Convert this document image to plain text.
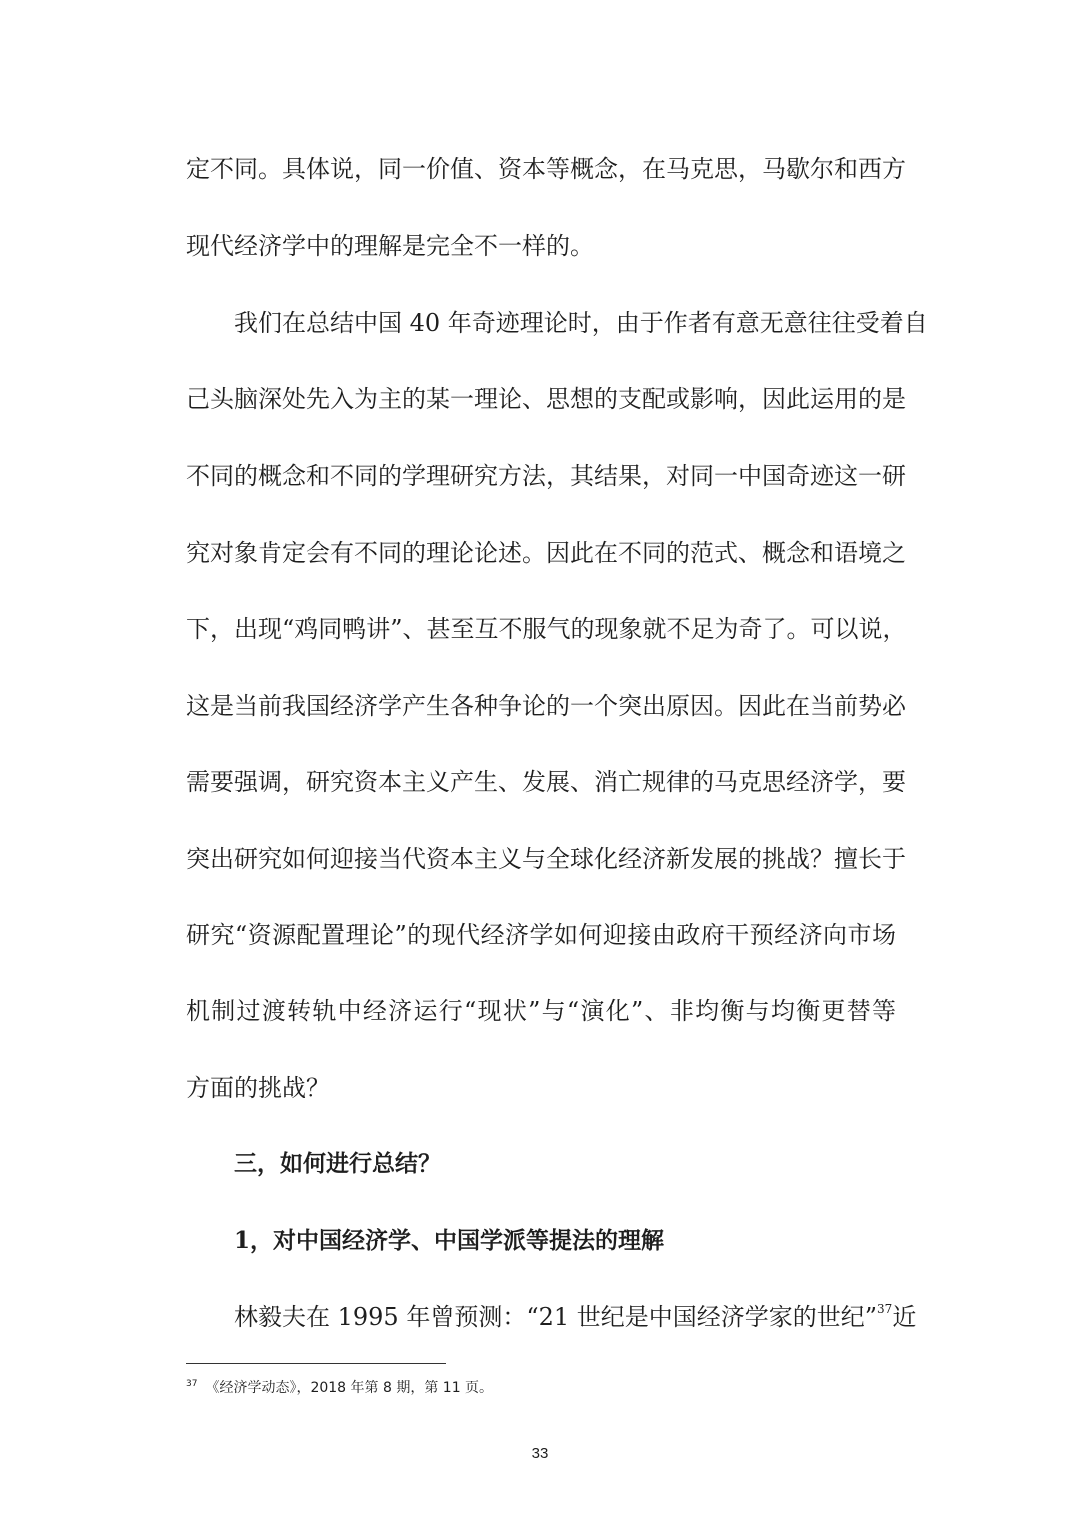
定不同。具体说，同一价值、资本等概念，在马克思，马歇尔和西方

现代经济学中的理解是完全不一样的。

我们在总结中国 40 年奇迹理论时，由于作者有意无意往往受着自

己头脑深处先入为主的某一理论、思想的支配或影响，因此运用的是

不同的概念和不同的学理研究方法，其结果，对同一中国奇迹这一研

究对象肯定会有不同的理论论述。因此在不同的范式、概念和语境之

下，出现“鸡同鸭讲”、甚至互不服气的现象就不足为奇了。可以说，

这是当前我国经济学产生各种争论的一个突出原因。因此在当前势必

需要强调，研究资本主义产生、发展、消亡规律的马克思经济学，要

突出研究如何迎接当代资本主义与全球化经济新发展的挑战？擅长于

研究“资源配置理论”的现代经济学如何迎接由政府干预经济向市场

机制过渡转轨中经济运行“现状”与“演化”、非均衡与均衡更替等

方面的挑战？

三，如何进行总结？

1，对中国经济学、中国学派等提法的理解

林毅夫在 1995 年曾预测：“21 世纪是中国经济学家的世纪”$^{37}$近

$^{37}$ 《经济学动态》，2018 年第 8 期，第 11 页。
33
